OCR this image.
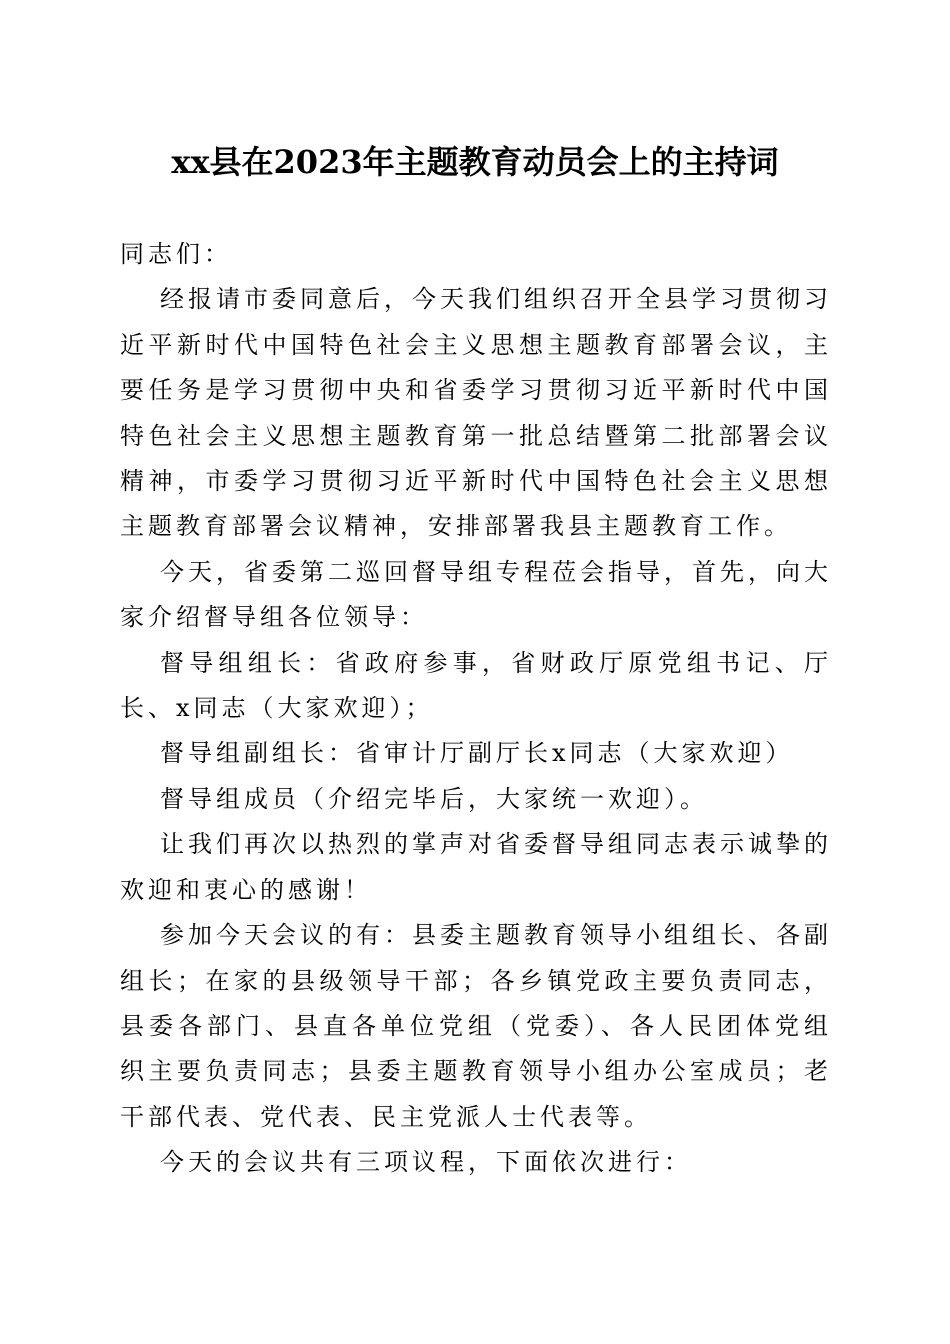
xx县在2023年主题教育动员会上的主持词

同志们：

经报请市委同意后，今天我们组织召开全县学习贯彻习近平新时代中国特色社会主义思想主题教育部署会议，主要任务是学习贯彻中央和省委学习贯彻习近平新时代中国特色社会主义思想主题教育第一批总结暨第二批部署会议精神，市委学习贯彻习近平新时代中国特色社会主义思想主题教育部署会议精神，安排部署我县主题教育工作。

今天，省委第二巡回督导组专程莅会指导，首先，向大家介绍督导组各位领导：

督导组组长：省政府参事，省财政厅原党组书记、厅长、x同志（大家欢迎）；

督导组副组长：省审计厅副厅长x同志（大家欢迎）

督导组成员（介绍完毕后，大家统一欢迎）。

让我们再次以热烈的掌声对省委督导组同志表示诚挚的欢迎和衷心的感谢！

参加今天会议的有：县委主题教育领导小组组长、各副组长；在家的县级领导干部；各乡镇党政主要负责同志，县委各部门、县直各单位党组（党委）、各人民团体党组织主要负责同志；县委主题教育领导小组办公室成员；老干部代表、党代表、民主党派人士代表等。

今天的会议共有三项议程，下面依次进行：
